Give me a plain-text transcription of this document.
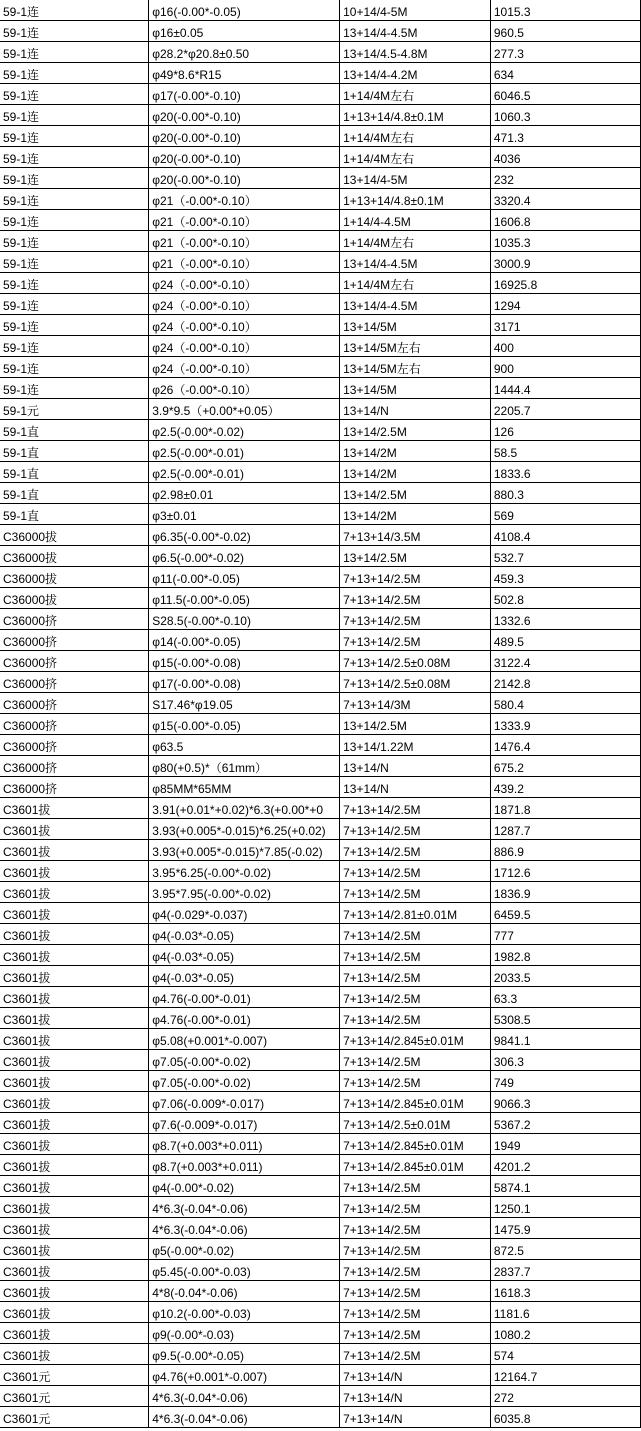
59-1连	φ16(-0.00*-0.05)	10+14/4-5M	1015.3
59-1连	φ16±0.05	13+14/4-4.5M	960.5
59-1连	φ28.2*φ20.8±0.50	13+14/4.5-4.8M	277.3
59-1连	φ49*8.6*R15	13+14/4-4.2M	634
59-1连	φ17(-0.00*-0.10)	1+14/4M左右	6046.5
59-1连	φ20(-0.00*-0.10)	1+13+14/4.8±0.1M	1060.3
59-1连	φ20(-0.00*-0.10)	1+14/4M左右	471.3
59-1连	φ20(-0.00*-0.10)	1+14/4M左右	4036
59-1连	φ20(-0.00*-0.10)	13+14/4-5M	232
59-1连	φ21（-0.00*-0.10）	1+13+14/4.8±0.1M	3320.4
59-1连	φ21（-0.00*-0.10）	1+14/4-4.5M	1606.8
59-1连	φ21（-0.00*-0.10）	1+14/4M左右	1035.3
59-1连	φ21（-0.00*-0.10）	13+14/4-4.5M	3000.9
59-1连	φ24（-0.00*-0.10）	1+14/4M左右	16925.8
59-1连	φ24（-0.00*-0.10）	13+14/4-4.5M	1294
59-1连	φ24（-0.00*-0.10）	13+14/5M	3171
59-1连	φ24（-0.00*-0.10）	13+14/5M左右	400
59-1连	φ24（-0.00*-0.10）	13+14/5M左右	900
59-1连	φ26（-0.00*-0.10）	13+14/5M	1444.4
59-1元	3.9*9.5（+0.00*+0.05）	13+14/N	2205.7
59-1直	φ2.5(-0.00*-0.02)	13+14/2.5M	126
59-1直	φ2.5(-0.00*-0.01)	13+14/2M	58.5
59-1直	φ2.5(-0.00*-0.01)	13+14/2M	1833.6
59-1直	φ2.98±0.01	13+14/2.5M	880.3
59-1直	φ3±0.01	13+14/2M	569
C36000拔	φ6.35(-0.00*-0.02)	7+13+14/3.5M	4108.4
C36000拔	φ6.5(-0.00*-0.02)	13+14/2.5M	532.7
C36000拔	φ11(-0.00*-0.05)	7+13+14/2.5M	459.3
C36000拔	φ11.5(-0.00*-0.05)	7+13+14/2.5M	502.8
C36000挤	S28.5(-0.00*-0.10)	7+13+14/2.5M	1332.6
C36000挤	φ14(-0.00*-0.05)	7+13+14/2.5M	489.5
C36000挤	φ15(-0.00*-0.08)	7+13+14/2.5±0.08M	3122.4
C36000挤	φ17(-0.00*-0.08)	7+13+14/2.5±0.08M	2142.8
C36000挤	S17.46*φ19.05	7+13+14/3M	580.4
C36000挤	φ15(-0.00*-0.05)	13+14/2.5M	1333.9
C36000挤	φ63.5	13+14/1.22M	1476.4
C36000挤	φ80(+0.5)*（61mm）	13+14/N	675.2
C36000挤	φ85MM*65MM	13+14/N	439.2
C3601拔	3.91(+0.01*+0.02)*6.3(+0.00*+0	7+13+14/2.5M	1871.8
C3601拔	3.93(+0.005*-0.015)*6.25(+0.02)	7+13+14/2.5M	1287.7
C3601拔	3.93(+0.005*-0.015)*7.85(-0.02)	7+13+14/2.5M	886.9
C3601拔	3.95*6.25(-0.00*-0.02)	7+13+14/2.5M	1712.6
C3601拔	3.95*7.95(-0.00*-0.02)	7+13+14/2.5M	1836.9
C3601拔	φ4(-0.029*-0.037)	7+13+14/2.81±0.01M	6459.5
C3601拔	φ4(-0.03*-0.05)	7+13+14/2.5M	777
C3601拔	φ4(-0.03*-0.05)	7+13+14/2.5M	1982.8
C3601拔	φ4(-0.03*-0.05)	7+13+14/2.5M	2033.5
C3601拔	φ4.76(-0.00*-0.01)	7+13+14/2.5M	63.3
C3601拔	φ4.76(-0.00*-0.01)	7+13+14/2.5M	5308.5
C3601拔	φ5.08(+0.001*-0.007)	7+13+14/2.845±0.01M	9841.1
C3601拔	φ7.05(-0.00*-0.02)	7+13+14/2.5M	306.3
C3601拔	φ7.05(-0.00*-0.02)	7+13+14/2.5M	749
C3601拔	φ7.06(-0.009*-0.017)	7+13+14/2.845±0.01M	9066.3
C3601拔	φ7.6(-0.009*-0.017)	7+13+14/2.5±0.01M	5367.2
C3601拔	φ8.7(+0.003*+0.011)	7+13+14/2.845±0.01M	1949
C3601拔	φ8.7(+0.003*+0.011)	7+13+14/2.845±0.01M	4201.2
C3601拔	φ4(-0.00*-0.02)	7+13+14/2.5M	5874.1
C3601拔	4*6.3(-0.04*-0.06)	7+13+14/2.5M	1250.1
C3601拔	4*6.3(-0.04*-0.06)	7+13+14/2.5M	1475.9
C3601拔	φ5(-0.00*-0.02)	7+13+14/2.5M	872.5
C3601拔	φ5.45(-0.00*-0.03)	7+13+14/2.5M	2837.7
C3601拔	4*8(-0.04*-0.06)	7+13+14/2.5M	1618.3
C3601拔	φ10.2(-0.00*-0.03)	7+13+14/2.5M	1181.6
C3601拔	φ9(-0.00*-0.03)	7+13+14/2.5M	1080.2
C3601拔	φ9.5(-0.00*-0.05)	7+13+14/2.5M	574
C3601元	φ4.76(+0.001*-0.007)	7+13+14/N	12164.7
C3601元	4*6.3(-0.04*-0.06)	7+13+14/N	272
C3601元	4*6.3(-0.04*-0.06)	7+13+14/N	6035.8
